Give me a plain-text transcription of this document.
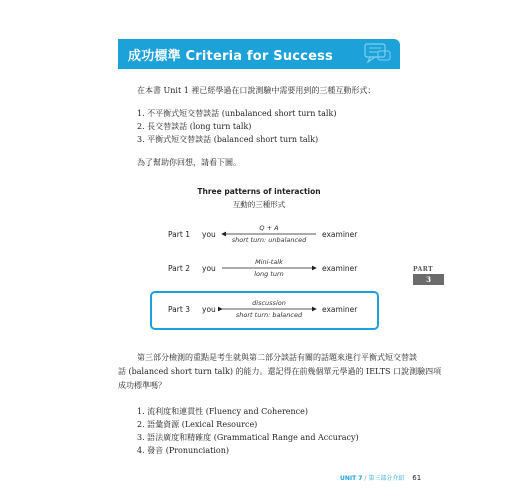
成功標準 Criteria for Success
在本書 Unit 1 裡已經學過在口說測驗中需要用到的三種互動形式：
1. 不平衡式短交替談話 (unbalanced short turn talk)
2. 長交替談話 (long turn talk)
3. 平衡式短交替談話 (balanced short turn talk)
為了幫助你回想，請看下圖。
Three patterns of interaction
互動的三種形式
Part 1 you	examiner
Q + A
short turn: unbalanced
Part 2 you	examiner
Mini-talk
long turn
Part 3 you	examiner
discussion
short turn: balanced
PART
3
第三部分檢測的重點是考生就與第二部分談話有關的話題來進行平衡式短交替談
話 (balanced short turn talk) 的能力。還記得在前幾個單元學過的 IELTS 口說測驗四項
成功標準嗎？
1. 流利度和連貫性 (Fluency and Coherence)
2. 語彙資源 (Lexical Resource)
3. 語法廣度和精確度 (Grammatical Range and Accuracy)
4. 發音 (Pronunciation)
UNIT 7 / 第三部分介紹 61
